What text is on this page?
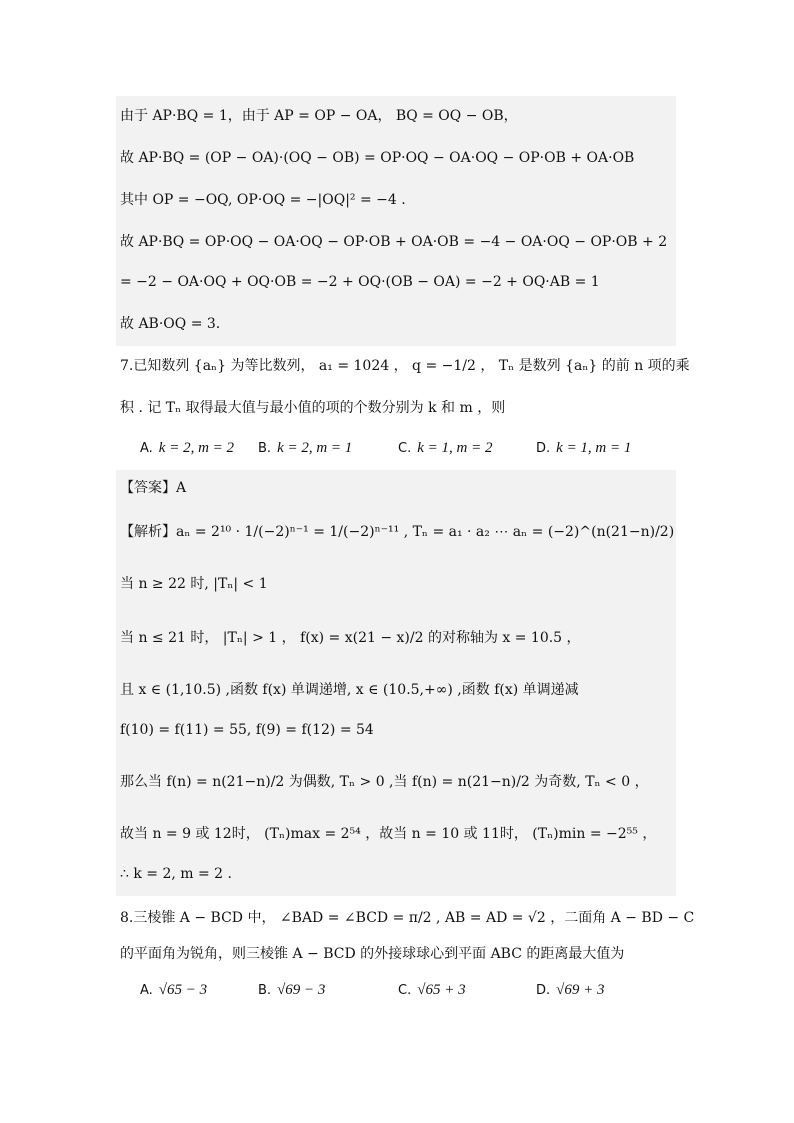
由于 AP·BQ = 1，由于 AP = OP − OA， BQ = OQ − OB，
故 AP·BQ = (OP − OA)·(OQ − OB) = OP·OQ − OA·OQ − OP·OB + OA·OB
其中 OP = −OQ, OP·OQ = −|OQ|² = −4 .
故 AP·BQ = OP·OQ − OA·OQ − OP·OB + OA·OB = −4 − OA·OQ − OP·OB + 2
= −2 − OA·OQ + OQ·OB = −2 + OQ·(OB − OA) = −2 + OQ·AB = 1
故 AB·OQ = 3.
7.已知数列 {aₙ} 为等比数列， a₁ = 1024 ， q = −1/2 ， Tₙ 是数列 {aₙ} 的前 n 项的乘
积 . 记 Tₙ 取得最大值与最小值的项的个数分别为 k 和 m ，则
A. k = 2, m = 2 B. k = 2, m = 1	C. k = 1, m = 2	D. k = 1, m = 1
【答案】A
【解析】aₙ = 2¹⁰ · 1/(−2)ⁿ⁻¹ = 1/(−2)ⁿ⁻¹¹ , Tₙ = a₁ · a₂ ⋯ aₙ = (−2)^(n(21−n)/2)
当 n ≥ 22 时, |Tₙ| < 1
当 n ≤ 21 时， |Tₙ| > 1 ， f(x) = x(21 − x)/2 的对称轴为 x = 10.5 ，
且 x ∈ (1,10.5) ,函数 f(x) 单调递增, x ∈ (10.5,+∞) ,函数 f(x) 单调递减
f(10) = f(11) = 55, f(9) = f(12) = 54
那么当 f(n) = n(21−n)/2 为偶数, Tₙ > 0 ,当 f(n) = n(21−n)/2 为奇数, Tₙ < 0 ，
故当 n = 9 或 12时， (Tₙ)max = 2⁵⁴ ，故当 n = 10 或 11时， (Tₙ)min = −2⁵⁵ ，
∴ k = 2, m = 2 .
8.三棱锥 A − BCD 中， ∠BAD = ∠BCD = π/2 , AB = AD = √2 ，二面角 A − BD − C
的平面角为锐角，则三棱锥 A − BCD 的外接球球心到平面 ABC 的距离最大值为
A. √65 − 3	B. √69 − 3	C. √65 + 3	D. √69 + 3
